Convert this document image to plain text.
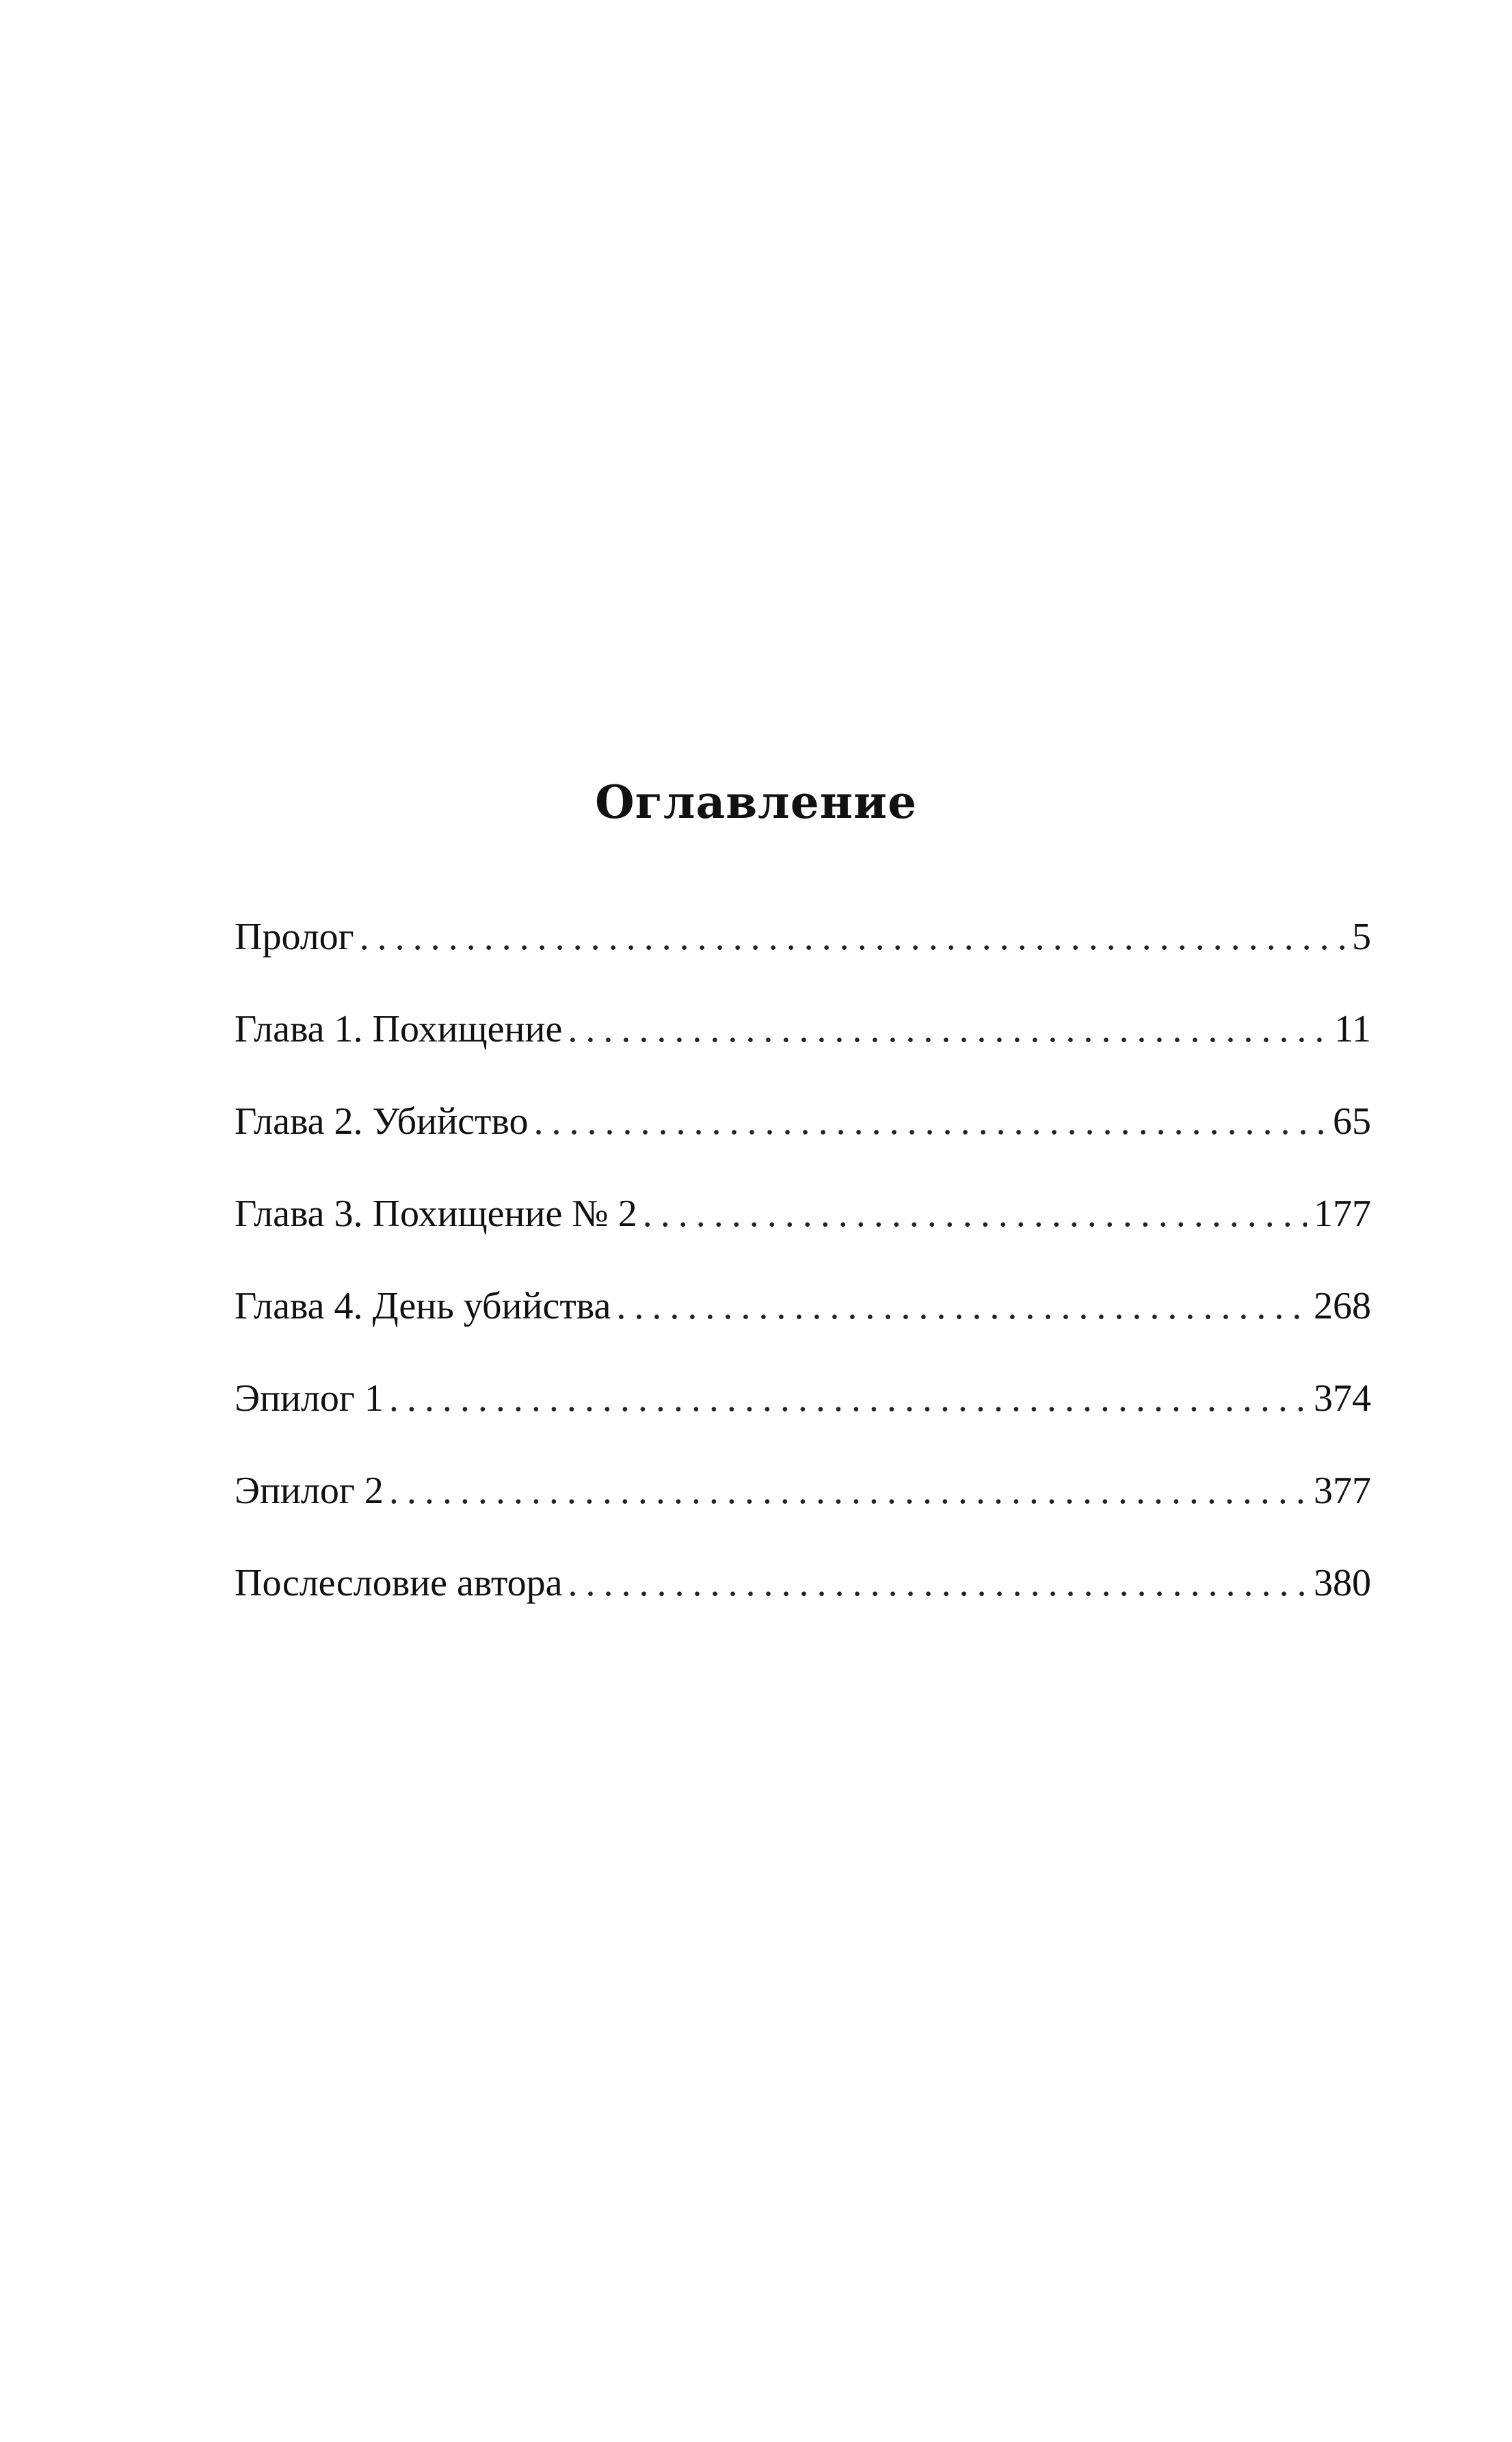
Оглавление
Пролог . . .	5
Глава 1. Похищение . . .	11
Глава 2. Убийство . . .	65
Глава 3. Похищение № 2 . . .	177
Глава 4. День убийства . . .	268
Эпилог 1 . . .	374
Эпилог 2 . . .	377
Послесловие автора . . .	380
